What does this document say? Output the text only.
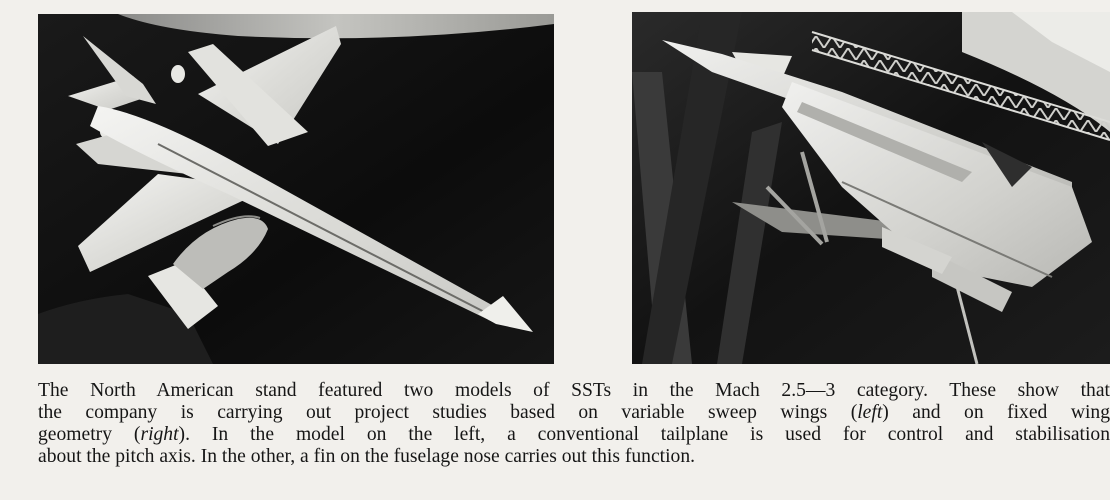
The North American stand featured two models of SSTs in the Mach 2.5—3 category. These show that
the company is carrying out project studies based on variable sweep wings (left) and on fixed wing
geometry (right). In the model on the left, a conventional tailplane is used for control and stabilisation
about the pitch axis. In the other, a fin on the fuselage nose carries out this function.
